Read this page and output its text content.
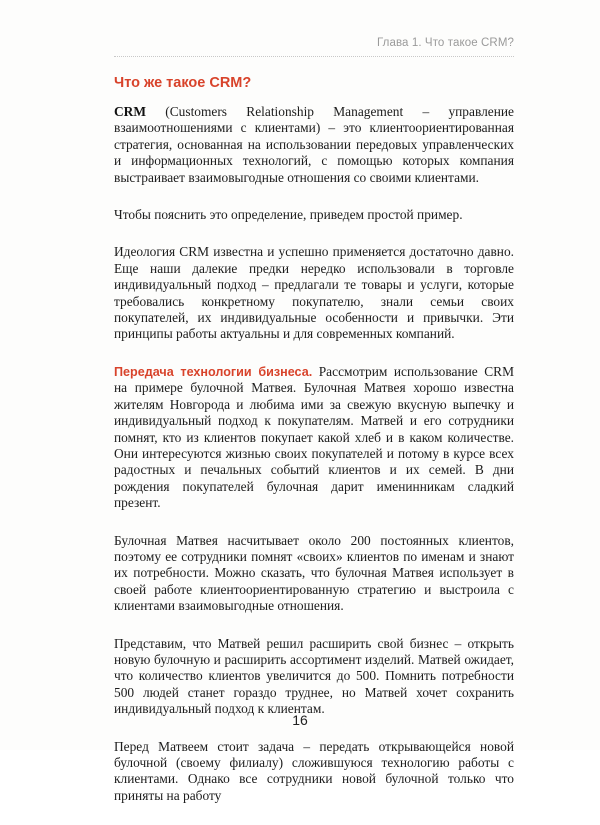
Глава 1. Что такое CRM?
Что же такое CRM?

CRM (Customers Relationship Management – управление взаимоотношениями с клиентами) – это клиентоориентированная стратегия, основанная на использовании передовых управленческих и информационных технологий, с помощью которых компания выстраивает взаимовыгодные отношения со своими клиентами.

Чтобы пояснить это определение, приведем простой пример.

Идеология CRM известна и успешно применяется достаточно давно. Еще наши далекие предки нередко использовали в торговле индивидуальный подход – предлагали те товары и услуги, которые требовались конкретному покупателю, знали семьи своих покупателей, их индивидуальные особенности и привычки. Эти принципы работы актуальны и для современных компаний.

Передача технологии бизнеса. Рассмотрим использование CRM на примере булочной Матвея. Булочная Матвея хорошо известна жителям Новгорода и любима ими за свежую вкусную выпечку и индивидуальный подход к покупателям. Матвей и его сотрудники помнят, кто из клиентов покупает какой хлеб и в каком количестве. Они интересуются жизнью своих покупателей и потому в курсе всех радостных и печальных событий клиентов и их семей. В дни рождения покупателей булочная дарит именинникам сладкий презент.

Булочная Матвея насчитывает около 200 постоянных клиентов, поэтому ее сотрудники помнят «своих» клиентов по именам и знают их потребности. Можно сказать, что булочная Матвея использует в своей работе клиентоориентированную стратегию и выстроила с клиентами взаимовыгодные отношения.

Представим, что Матвей решил расширить свой бизнес – открыть новую булочную и расширить ассортимент изделий. Матвей ожидает, что количество клиентов увеличится до 500. Помнить потребности 500 людей станет гораздо труднее, но Матвей хочет сохранить индивидуальный подход к клиентам.

Перед Матвеем стоит задача – передать открывающейся новой булочной (своему филиалу) сложившуюся технологию работы с клиентами. Однако все сотрудники новой булочной только что приняты на работу

16
